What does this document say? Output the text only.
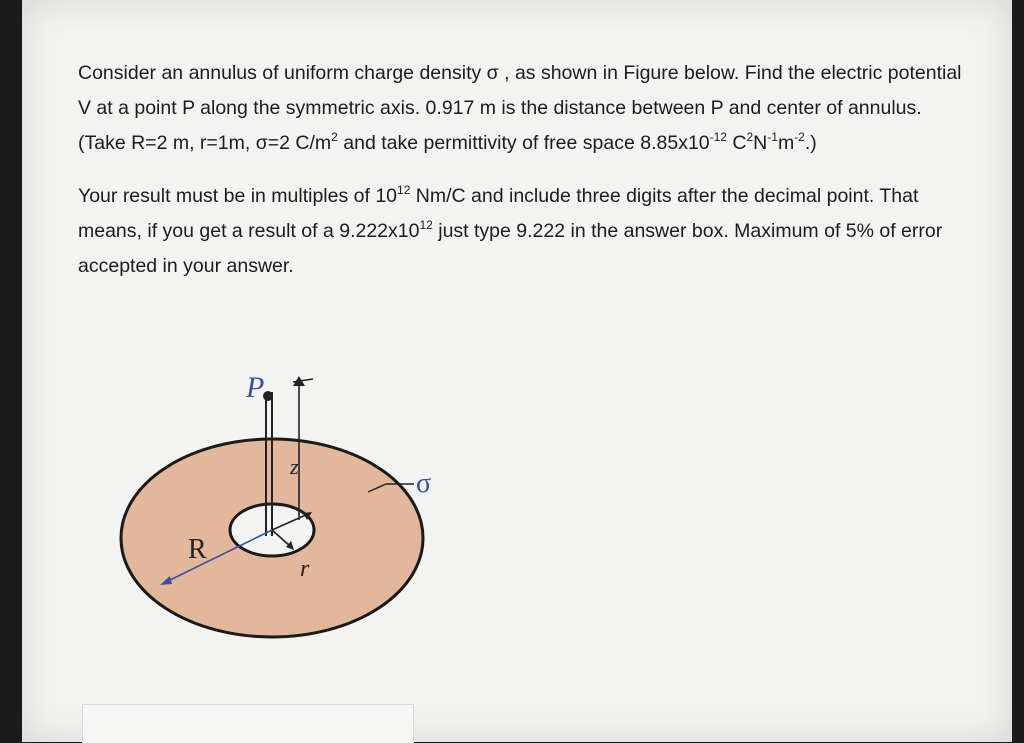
Consider an annulus of uniform charge density σ , as shown in Figure below. Find the electric potential V at a point P along the symmetric axis. 0.917 m is the distance between P and center of annulus. (Take R=2 m, r=1m, σ=2 $C/m^2$ and take permittivity of free space $8.85x10^{-12}$ $C^2N^{-1}m^{-2}$.)

Your result must be in multiples of $10^{12}$ Nm/C and include three digits after the decimal point. That means, if you get a result of a $9.222x10^{12}$ just type 9.222 in the answer box. Maximum of 5% of error accepted in your answer.

P
z
σ
R
r
